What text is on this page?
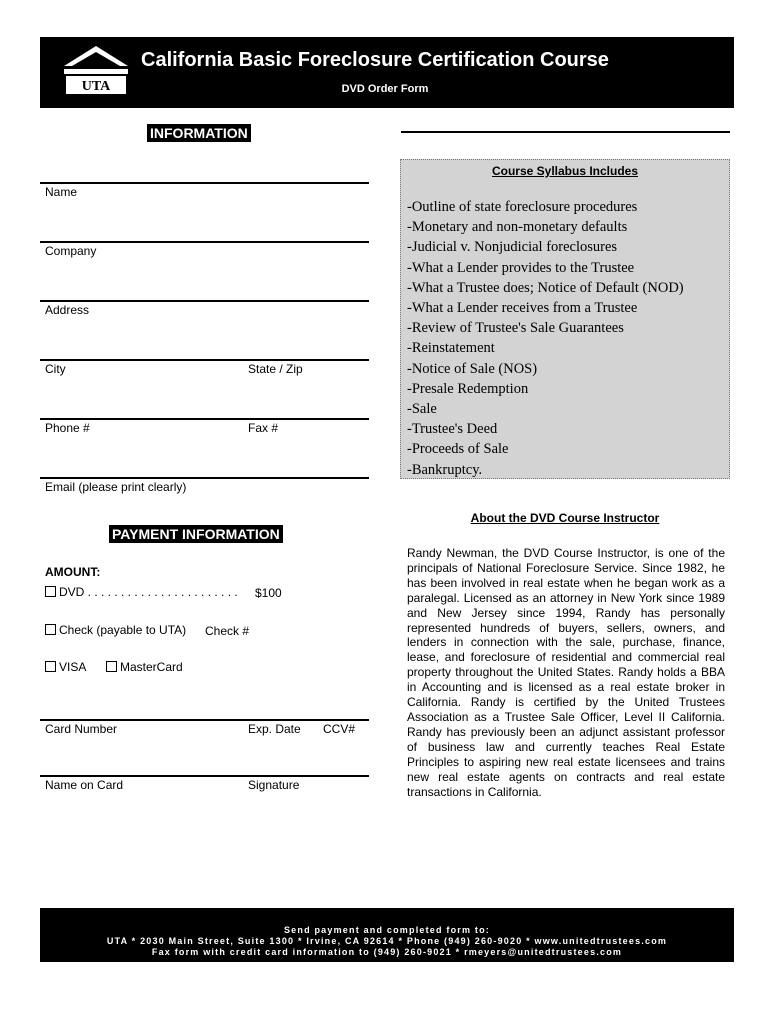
UTA
California Basic Foreclosure Certification Course
DVD Order Form
INFORMATION
Name
Company
Address
City	State / Zip
Phone #	Fax #
Email (please print clearly)
Course Syllabus Includes
-Outline of state foreclosure procedures
-Monetary and non-monetary defaults
-Judicial v. Nonjudicial foreclosures
-What a Lender provides to the Trustee
-What a Trustee does; Notice of Default (NOD)
-What a Lender receives from a Trustee
-Review of Trustee's Sale Guarantees
-Reinstatement
-Notice of Sale (NOS)
-Presale Redemption
-Sale
-Trustee's Deed
-Proceeds of Sale
-Bankruptcy.
PAYMENT INFORMATION
AMOUNT:
DVD . . . . . . . . . . . . . . . . . . . . . . . $100
Check (payable to UTA) Check #
VISA	MasterCard
Card Number	Exp. Date CCV#
Name on Card	Signature
About the DVD Course Instructor
Randy Newman, the DVD Course Instructor, is one of the principals of National Foreclosure Service. Since 1982, he has been involved in real estate when he began work as a paralegal. Licensed as an attorney in New York since 1989 and New Jersey since 1994, Randy has personally represented hundreds of buyers, sellers, owners, and lenders in connection with the sale, purchase, finance, lease, and foreclosure of residential and commercial real property throughout the United States. Randy holds a BBA in Accounting and is licensed as a real estate broker in California. Randy is certified by the United Trustees Association as a Trustee Sale Officer, Level II California. Randy has previously been an adjunct assistant professor of business law and currently teaches Real Estate Principles to aspiring new real estate licensees and trains new real estate agents on contracts and real estate transactions in California.
Send payment and completed form to:
UTA * 2030 Main Street, Suite 1300 * Irvine, CA 92614 * Phone (949) 260-9020 * www.unitedtrustees.com
Fax form with credit card information to (949) 260-9021 * rmeyers@unitedtrustees.com
